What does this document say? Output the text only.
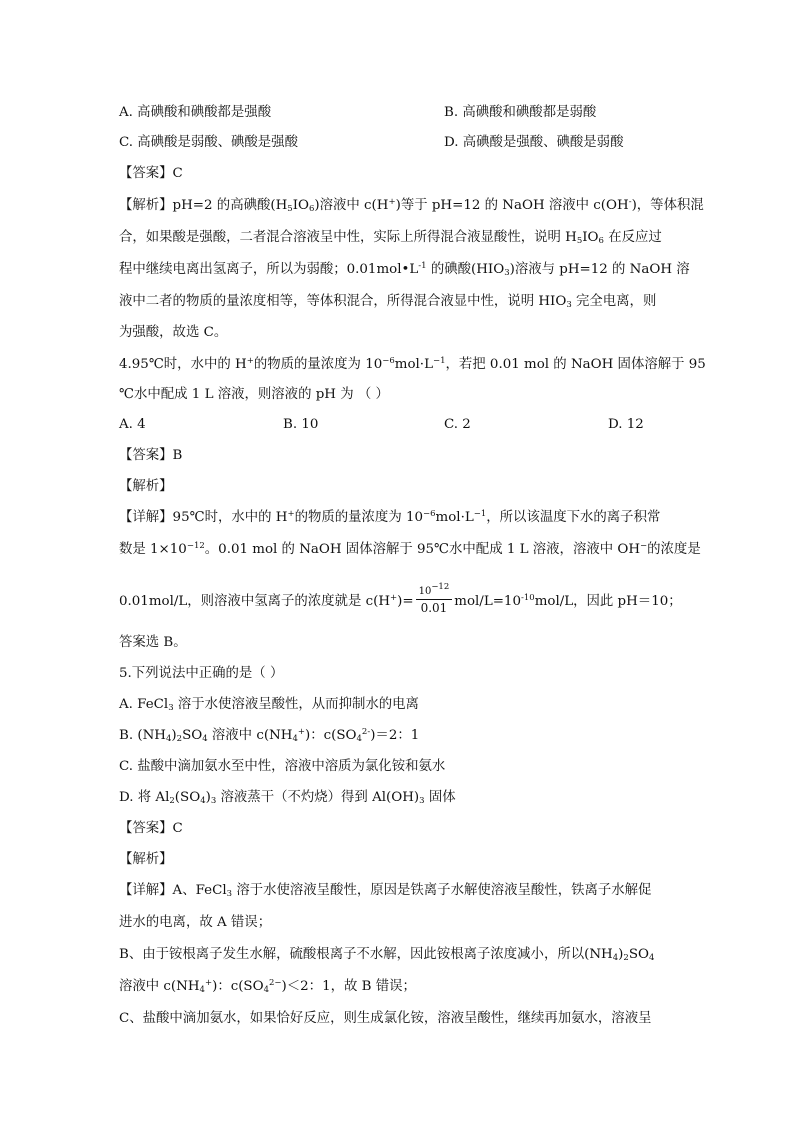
A. 高碘酸和碘酸都是强酸	B. 高碘酸和碘酸都是弱酸
C. 高碘酸是弱酸、碘酸是强酸	D. 高碘酸是强酸、碘酸是弱酸
【答案】C
【解析】pH=2 的高碘酸$(H_5IO_6)$溶液中 c(H+)等于 pH=12 的 NaOH 溶液中 c(OH-)，等体积混
合，如果酸是强酸，二者混合溶液呈中性，实际上所得混合液显酸性，说明 $H_5IO_6$ 在反应过
程中继续电离出氢离子，所以为弱酸；$0.01mol•L^{-1}$ 的碘酸$(HIO_3)$溶液与 pH=12 的 NaOH 溶
液中二者的物质的量浓度相等，等体积混合，所得混合液显中性，说明 $HIO_3$ 完全电离，则
为强酸，故选 C。
4.95℃时，水中的 H+的物质的量浓度为 $10^{-6}mol\cdot L^{-1}$，若把 0.01 mol 的 NaOH 固体溶解于 95
℃水中配成 1 L 溶液，则溶液的 pH 为 （ ）
A. 4	B. 10	C. 2	D. 12
【答案】B
【解析】
【详解】95℃时，水中的 H+的物质的量浓度为 $10^{-6}mol\cdot L^{-1}$，所以该温度下水的离子积常
数是 $1\times 10^{-12}$。0.01 mol 的 NaOH 固体溶解于 95℃水中配成 1 L 溶液，溶液中 OH−的浓度是
0.01mol/L，则溶液中氢离子的浓度就是 $c(H^+)= \frac{10^{-12}}{0.01} mol/L=10^{-10}mol/L$，因此 pH＝10；
答案选 B。
5.下列说法中正确的是（ ）
A. FeCl$_3$ 溶于水使溶液呈酸性，从而抑制水的电离
B. $(NH_4)_2SO_4$ 溶液中 $c(NH_4^+)$：$c(SO_4^{2-})=2$：1
C. 盐酸中滴加氨水至中性，溶液中溶质为氯化铵和氨水
D. 将 $Al_2(SO_4)_3$ 溶液蒸干（不灼烧）得到 $Al(OH)_3$ 固体
【答案】C
【解析】
【详解】A、FeCl$_3$ 溶于水使溶液呈酸性，原因是铁离子水解使溶液呈酸性，铁离子水解促
进水的电离，故 A 错误；
B、由于铵根离子发生水解，硫酸根离子不水解，因此铵根离子浓度减小，所以$(NH_4)_2SO_4$
溶液中 $c(NH_4^+)$：$c(SO_4^{2-})<2$：1，故 B 错误；
C、盐酸中滴加氨水，如果恰好反应，则生成氯化铵，溶液呈酸性，继续再加氨水，溶液呈
